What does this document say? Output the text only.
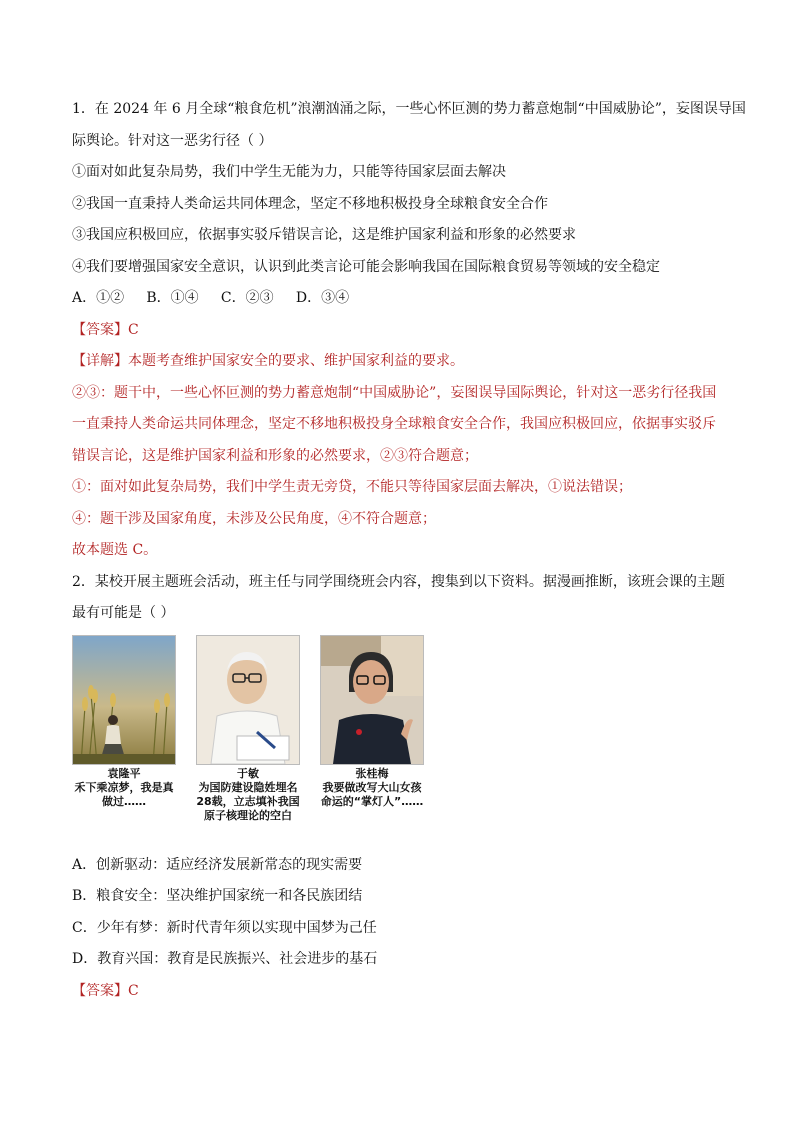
1．在 2024 年 6 月全球“粮食危机”浪潮汹涌之际，一些心怀叵测的势力蓄意炮制“中国威胁论”，妄图误导国
际舆论。针对这一恶劣行径（ ）
①面对如此复杂局势，我们中学生无能为力，只能等待国家层面去解决
②我国一直秉持人类命运共同体理念，坚定不移地积极投身全球粮食安全合作
③我国应积极回应，依据事实驳斥错误言论，这是维护国家利益和形象的必然要求
④我们要增强国家安全意识，认识到此类言论可能会影响我国在国际粮食贸易等领域的安全稳定
A．①②     B．①④     C．②③     D．③④
【答案】C
【详解】本题考查维护国家安全的要求、维护国家利益的要求。
②③：题干中，一些心怀叵测的势力蓄意炮制“中国威胁论”，妄图误导国际舆论，针对这一恶劣行径我国
一直秉持人类命运共同体理念，坚定不移地积极投身全球粮食安全合作，我国应积极回应，依据事实驳斥
错误言论，这是维护国家利益和形象的必然要求，②③符合题意；
①：面对如此复杂局势，我们中学生责无旁贷，不能只等待国家层面去解决，①说法错误；
④：题干涉及国家角度，未涉及公民角度，④不符合题意；
故本题选 C。
2．某校开展主题班会活动，班主任与同学围绕班会内容，搜集到以下资料。据漫画推断，该班会课的主题
最有可能是（ ）
袁隆平
禾下乘凉梦，我是真做过……
于敏
为国防建设隐姓埋名28载，立志填补我国原子核理论的空白
张桂梅
我要做改写大山女孩命运的“掌灯人”……
A．创新驱动：适应经济发展新常态的现实需要
B．粮食安全：坚决维护国家统一和各民族团结
C．少年有梦：新时代青年须以实现中国梦为己任
D．教育兴国：教育是民族振兴、社会进步的基石
【答案】C
